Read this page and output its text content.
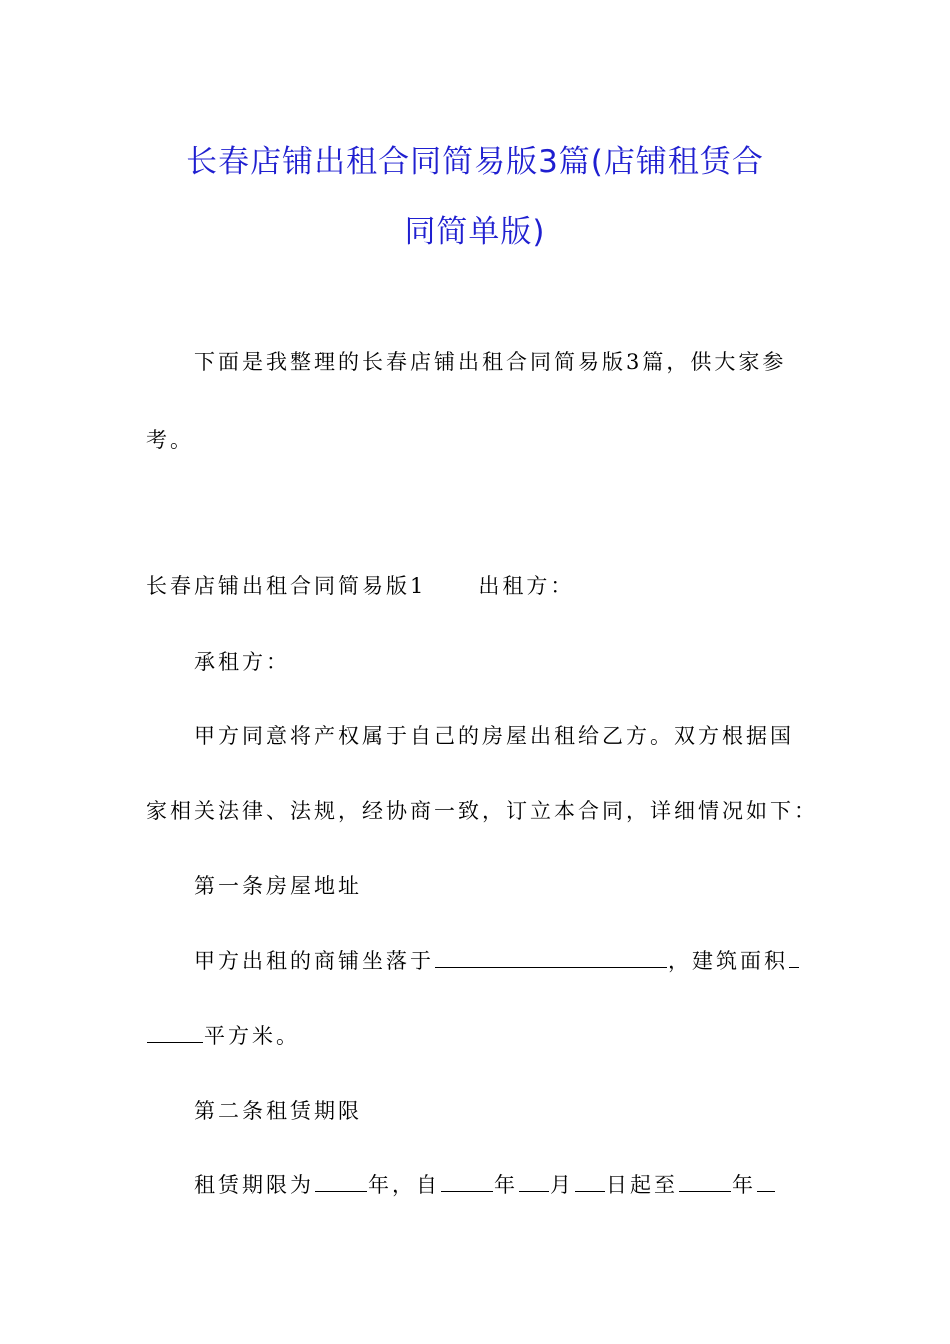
长春店铺出租合同简易版3篇(店铺租赁合
同简单版)
下面是我整理的长春店铺出租合同简易版3篇，供大家参
考。
长春店铺出租合同简易版1 出租方：
承租方：
甲方同意将产权属于自己的房屋出租给乙方。双方根据国
家相关法律、法规，经协商一致，订立本合同，详细情况如下：
第一条房屋地址
甲方出租的商铺坐落于	，建筑面积
平方米。
第二条租赁期限
租赁期限为	年，自	年 月 日起至	年
